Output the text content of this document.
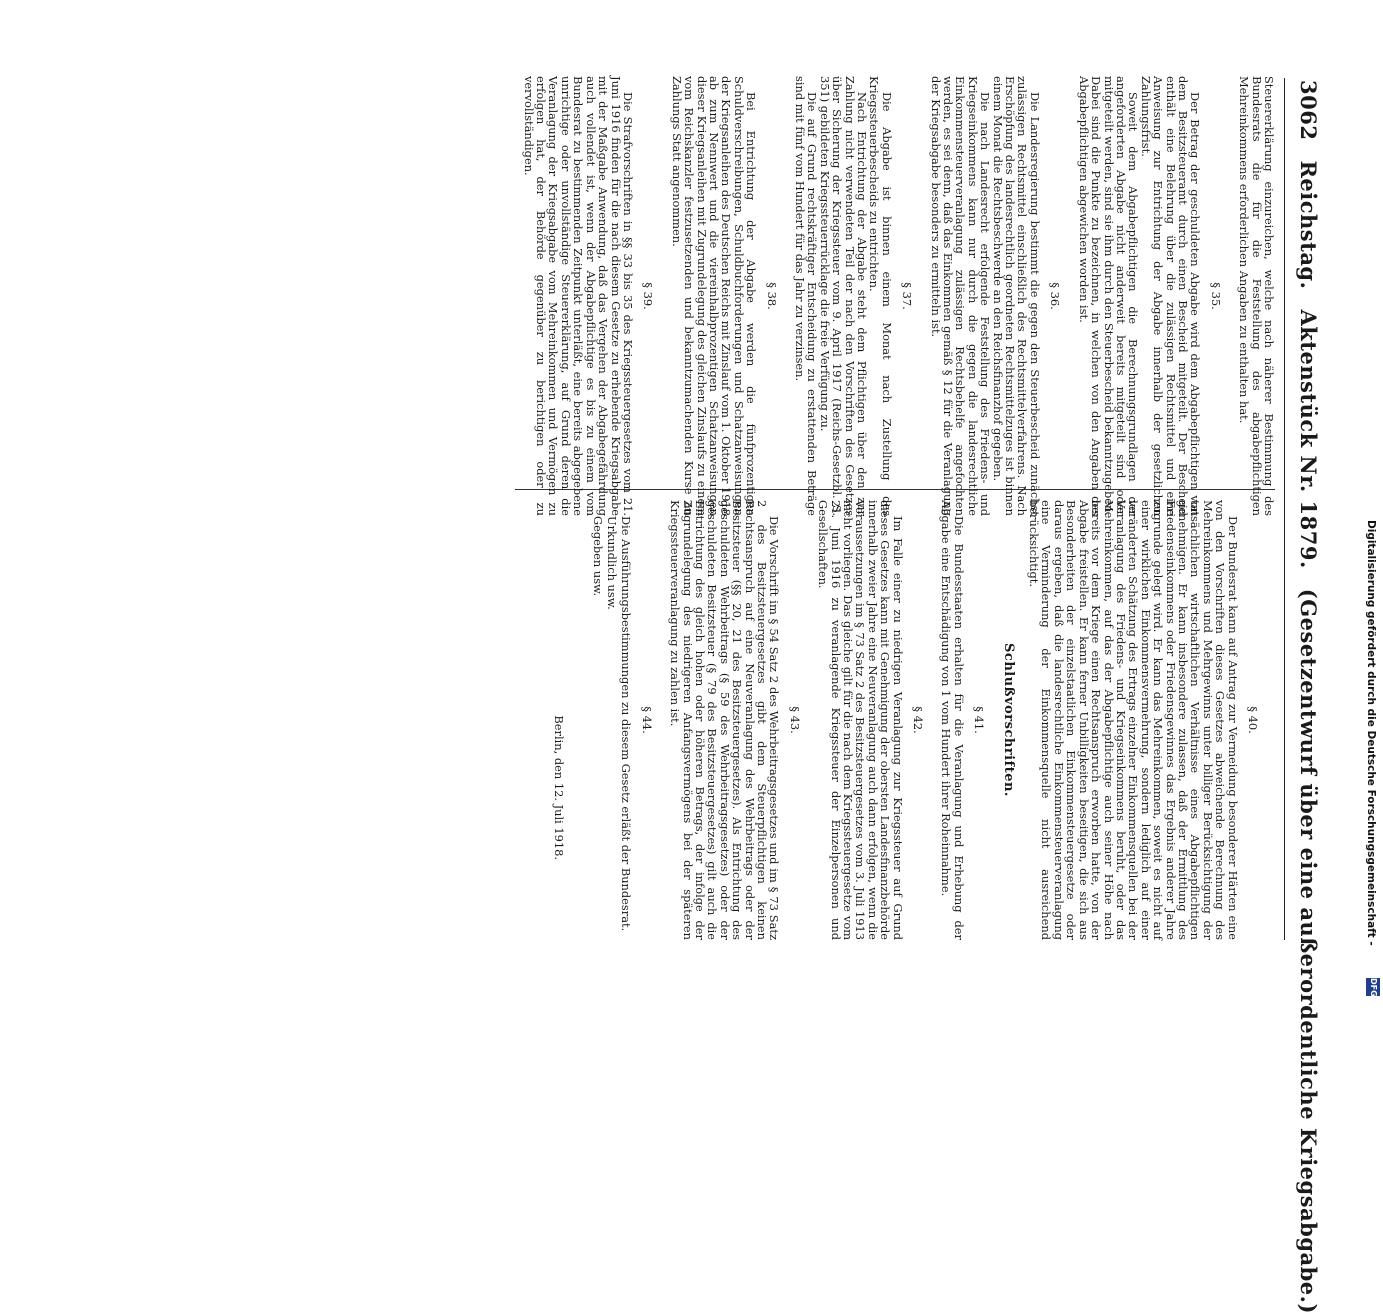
3062
Reichstag.
Aktenstück Nr. 1879.
(Gesetzentwurf über eine außerordentliche Kriegsabgabe.)

Steuererklärung einzureichen, welche nach näherer Bestimmung des Bundesrats die für die Feststellung des abgabepflichtigen Mehreinkommens erforderlichen Angaben zu enthalten hat.

§ 35.

Der Betrag der geschuldeten Abgabe wird dem Abgabepflichtigen von dem Besitzsteueramt durch einen Bescheid mitgeteilt. Der Bescheid enthält eine Belehrung über die zulässigen Rechtsmittel und eine Anweisung zur Entrichtung der Abgabe innerhalb der gesetzlichen Zahlungsfrist.

Soweit dem Abgabepflichtigen die Berechnungsgrundlagen der angeforderten Abgabe nicht anderweit bereits mitgeteilt sind oder mitgeteilt werden, sind sie ihm durch den Steuerbescheid bekanntzugeben. Dabei sind die Punkte zu bezeichnen, in welchen von den Angaben des Abgabepflichtigen abgewichen worden ist.

§ 36.

Die Landesregierung bestimmt die gegen den Steuerbescheid zunächst zulässigen Rechtsmittel einschließlich des Rechtsmittelverfahrens. Nach Erschöpfung des landesrechtlich geordneten Rechtsmittelzuges ist binnen einem Monat die Rechtsbeschwerde an den Reichsfinanzhof gegeben.

Die nach Landesrecht erfolgende Feststellung des Friedens- und Kriegseinkommens kann nur durch die gegen die landesrechtliche Einkommensteuerveranlagung zulässigen Rechtsbehelfe angefochten werden, es sei denn, daß das Einkommen gemäß § 12 für die Veranlagung der Kriegsabgabe besonders zu ermitteln ist.

§ 37.

Die Abgabe ist binnen einem Monat nach Zustellung des Kriegssteuerbescheids zu entrichten.

Nach Entrichtung der Abgabe steht dem Pflichtigen über den zur Zahlung nicht verwendeten Teil der nach den Vorschriften des Gesetzes über Sicherung der Kriegssteuer vom 9. April 1917 (Reichs-Gesetzbl. S. 351) gebildeten Kriegssteuerrücklage die freie Verfügung zu.

Die auf Grund rechtskräftiger Entscheidung zu erstattenden Beträge sind mit fünf vom Hundert für das Jahr zu verzinsen.

§ 38.

Bei Entrichtung der Abgabe werden die fünfprozentigen Schuldverschreibungen, Schuldbuchforderungen und Schatzanweisungen der Kriegsanleihen des Deutschen Reichs mit Zinslauf vom 1. Oktober 1918 ab zum Nennwert und die viereinhalbprozentigen Schatzanweisungen dieser Kriegsanleihen mit Zugrundelegung des gleichen Zinslaufs zu einem vom Reichskanzler festzusetzenden und bekanntzumachenden Kurse an Zahlungs Statt angenommen.

§ 39.

Die Strafvorschriften in §§ 33 bis 35 des Kriegssteuergesetzes vom 21. Juni 1916 finden für die nach diesem Gesetze zu erhebende Kriegsabgabe mit der Maßgabe Anwendung, daß das Vergehen der Abgabegefährdung auch vollendet ist, wenn der Abgabepflichtige es bis zu einem vom Bundesrat zu bestimmenden Zeitpunkt unterläßt, eine bereits abgegebene unrichtige oder unvollständige Steuererklärung, auf Grund deren die Veranlagung der Kriegsabgabe vom Mehreinkommen und Vermögen zu erfolgen hat, der Behörde gegenüber zu berichtigen oder zu vervollständigen.

§ 40.

Der Bundesrat kann auf Antrag zur Vermeidung besonderer Härten eine von den Vorschriften dieses Gesetzes abweichende Berechnung des Mehreinkommens und Mehrgewinns unter billiger Berücksichtigung der tatsächlichen wirtschaftlichen Verhältnisse eines Abgabepflichtigen genehmigen. Er kann insbesondere zulassen, daß der Ermittlung des Friedenseinkommens oder Friedensgewinnes das Ergebnis anderer Jahre zugrunde gelegt wird. Er kann das Mehreinkommen, soweit es nicht auf einer wirklichen Einkommensvermehrung, sondern lediglich auf einer veränderten Schätzung des Ertrags einzelner Einkommensquellen bei der Veranlagung des Friedens- und Kriegseinkommens beruht, oder das Mehreinkommen, auf das der Abgabepflichtige auch seiner Höhe nach bereits vor dem Kriege einen Rechtsanspruch erworben hatte, von der Abgabe freistellen. Er kann ferner Unbilligkeiten beseitigen, die sich aus Besonderheiten der einzelstaatlichen Einkommensteuergesetze oder daraus ergeben, daß die landesrechtliche Einkommensteuerveranlagung eine Verminderung der Einkommensquelle nicht ausreichend berücksichtigt.

Schlußvorschriften.

§ 41.

Die Bundesstaaten erhalten für die Veranlagung und Erhebung der Abgabe eine Entschädigung von 1 vom Hundert ihrer Roheinnahme.

§ 42.

Im Falle einer zu niedrigen Veranlagung zur Kriegssteuer auf Grund dieses Gesetzes kann mit Genehmigung der obersten Landesfinanzbehörde innerhalb zweier Jahre eine Neuveranlagung auch dann erfolgen, wenn die Voraussetzungen im § 73 Satz 2 des Besitzsteuergesetzes vom 3. Juli 1913 nicht vorliegen. Das gleiche gilt für die nach dem Kriegssteuergesetze vom 21. Juni 1916 zu veranlagende Kriegssteuer der Einzelpersonen und Gesellschaften.

§ 43.

Die Vorschrift im § 54 Satz 2 des Wehrbeitragsgesetzes und im § 73 Satz 2 des Besitzsteuergesetzes gibt dem Steuerpflichtigen keinen Rechtsanspruch auf eine Neuveranlagung des Wehrbeitrags oder der Besitzsteuer (§§ 20, 21 des Besitzsteuergesetzes). Als Entrichtung des geschuldeten Wehrbeitrags (§ 59 des Wehrbeitragsgesetzes) oder der geschuldeten Besitzsteuer (§ 79 des Besitzsteuergesetzes) gilt auch die Entrichtung des gleich hohen oder höheren Betrags, der infolge der Zugrundelegung des niedrigeren Anfangsvermögens bei der späteren Kriegssteuerveranlagung zu zahlen ist.

§ 44.

Die Ausführungsbestimmungen zu diesem Gesetz erläßt der Bundesrat.

Urkundlich usw.

Gegeben usw.

Berlin, den 12. Juli 1918.	Digitalisierung gefördert durch die Deutsche Forschungsgemeinschaft -
DFG
